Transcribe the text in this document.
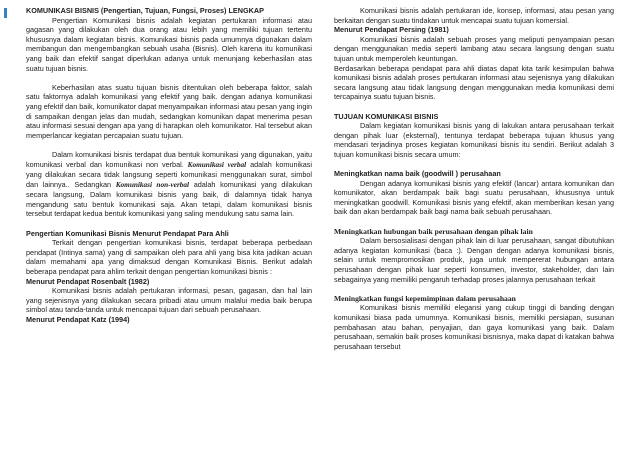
KOMUNIKASI BISNIS (Pengertian, Tujuan, Fungsi, Proses) LENGKAP

Pengertian Komunikasi bisnis adalah kegiatan pertukaran informasi atau gagasan yang dilakukan oleh dua orang atau lebih yang memiliki tujuan tertentu khususnya dalam kegiatan bisnis. Komunikasi bisnis pada umumnya digunakan dalam membangun dan mengembangkan sebuah usaha (Bisnis). Oleh karena itu komunikasi yang baik dan efektif sangat diperlukan adanya untuk menunjang keberhasilan atas suatu tujuan bisnis.

Keberhasilan atas suatu tujuan bisnis ditentukan oleh beberapa faktor, salah satu faktornya adalah komunikasi yang efektif yang baik. dengan adanya komunikasi yang efektif dan baik, komunikator dapat menyampaikan informasi atau pesan yang ingin di sampaikan dengan jelas dan mudah, sedangkan komunikan dapat menerima pesan atau informasi sesuai dengan apa yang di harapkan oleh komunikator. Hal tersebut akan memperlancar kegiatan percapaian suatu tujuan.

Dalam komunikasi bisnis terdapat dua bentuk komunikasi yang digunakan, yaitu komunikasi verbal dan komunikasi non verbal. Komunikasi verbal adalah komunikasi yang dilakukan secara tidak langsung seperti komunikasi menggunakan surat, simbol dan lainnya.. Sedangkan Komunikasi non-verbal adalah komunikasi yang dilakukan secara langsung, Dalam komunikasi bisnis yang baik, di dalamnya tidak hanya mengandung satu bentuk komunikasi saja. Akan tetapi, dalam komunikasi bisnis tersebut terdapat kedua bentuk komunikasi yang saling mendukung satu sama lain.

Pengertian Komunikasi Bisnis Menurut Pendapat Para Ahli

Terkait dengan pengertian komunikasi bisnis, terdapat beberapa perbedaan pendapat (Intinya sama) yang di sampaikan oleh para ahli yang bisa kita jadikan acuan dalam memahami apa yang dimaksud dengan Komunikasi Bisnis. Berikut adalah beberapa pendapat para ahlim terkait dengan pengertian komunikasi bisnis :

Menurut Pendapat Rosenbalt (1982)

Komunikasi bisnis adalah pertukaran informasi, pesan, gagasan, dan hal lain yang sejenisnya yang dilakukan secara pribadi atau umum malalui media baik berupa simbol atau tanda-tanda untuk mencapai tujuan dari sebuah perusahaan.

Menurut Pendapat Katz (1994)

Komunikasi bisnis adalah pertukaran ide, konsep, informasi, atau pesan yang berkaitan dengan suatu tindakan untuk mencapai suatu tujuan komersial.

Menurut Pendapat Persing (1981)

Komunikasi bisnis adalah sebuah proses yang meliputi penyampaian pesan dengan menggunakan media seperti lambang atau secara langsung dengan suatu tujuan untuk memperoleh keuntungan.

Berdasarkan beberapa pendapat para ahli diatas dapat kita tarik kesimpulan bahwa komunikasi bisnis adalah proses pertukaran informasi atau sejenisnya yang dilakukan secara langsung atau tidak langsung dengan menggunakan media komunikasi demi tercapainya suatu tujuan bisnis.

TUJUAN KOMUNIKASI BISNIS

Dalam kegiatan komunikasi bisnis yang di lakukan antara perusahaan terkait dengan pihak luar (eksternal), tentunya terdapat beberapa tujuan khusus yang mendasari terjadinya proses kegiatan komunikasi bisnis itu sendiri. Berikut adalah 3 tujuan komunikasi bisnis secara umum:

Meningkatkan nama baik (goodwill ) perusahaan

Dengan adanya komunikasi bisnis yang efektif (lancar) antara komunikan dan komunikator, akan berdampak baik bagi suatu perusahaan, khususnya untuk meningkatkan goodwill. Komunikasi bisnis yang efektif, akan memberikan kesan yang baik dan akan berdampak baik bagi nama baik sebuah perusahaan.

Meningkatkan hubungan baik perusahaan dengan pihak lain

Dalam bersosialisasi dengan pihak lain di luar perusahaan, sangat dibutuhkan adanya kegiatan komunikasi (baca :). Dengan dengan adanya komunikasi bisnis, selain untuk mempromosikan produk, juga untuk mempererat hubungan antara perusahaan dengan pihak luar seperti konsumen, investor, stakeholder, dan lain sebagainya yang memiliki pengaruh terhadap proses jalannya perusahaan terkait

Meningkatkan fungsi kepemimpinan dalam perusahaan

Komunikasi bisnis memiliki elegansi yang cukup tinggi di banding dengan komunikasi biasa pada umumnya. Komunikasi bisnis, memiliki persiapan, susunan pembahasan atau bahan, penyajian, dan gaya komunikasi yang baik. Dalam perusahaan, semakin baik proses komunikasi bisnisnya, maka dapat di katakan bahwa perusahaan tersebut
